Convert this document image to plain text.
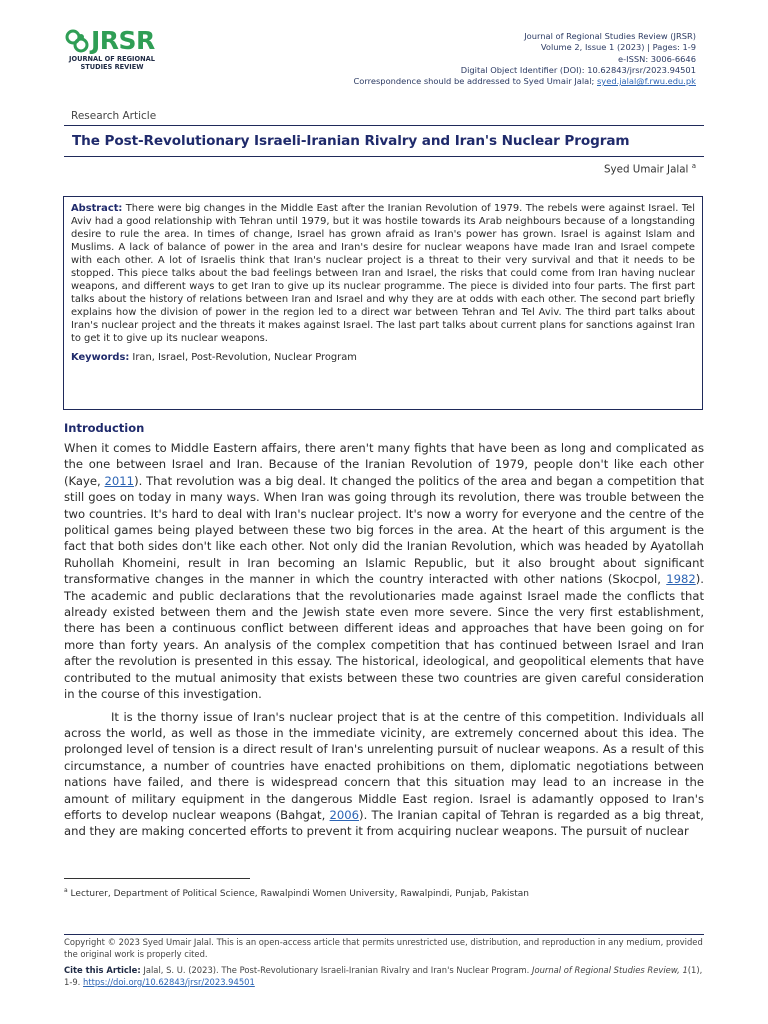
JRSR
JOURNAL OF REGIONAL
STUDIES REVIEW
Journal of Regional Studies Review (JRSR)
Volume 2, Issue 1 (2023) | Pages: 1-9
e-ISSN: 3006-6646
Digital Object Identifier (DOI): 10.62843/jrsr/2023.94501
Correspondence should be addressed to Syed Umair Jalal; syed.jalal@f.rwu.edu.pk
Research Article
The Post-Revolutionary Israeli-Iranian Rivalry and Iran's Nuclear Program
Syed Umair Jalal $^a$
Abstract: There were big changes in the Middle East after the Iranian Revolution of 1979. The rebels were against Israel. Tel Aviv had a good relationship with Tehran until 1979, but it was hostile towards its Arab neighbours because of a longstanding desire to rule the area. In times of change, Israel has grown afraid as Iran's power has grown. Israel is against Islam and Muslims. A lack of balance of power in the area and Iran's desire for nuclear weapons have made Iran and Israel compete with each other. A lot of Israelis think that Iran's nuclear project is a threat to their very survival and that it needs to be stopped. This piece talks about the bad feelings between Iran and Israel, the risks that could come from Iran having nuclear weapons, and different ways to get Iran to give up its nuclear programme. The piece is divided into four parts. The first part talks about the history of relations between Iran and Israel and why they are at odds with each other. The second part briefly explains how the division of power in the region led to a direct war between Tehran and Tel Aviv. The third part talks about Iran's nuclear project and the threats it makes against Israel. The last part talks about current plans for sanctions against Iran to get it to give up its nuclear weapons.
Keywords: Iran, Israel, Post-Revolution, Nuclear Program
Introduction

When it comes to Middle Eastern affairs, there aren't many fights that have been as long and complicated as the one between Israel and Iran. Because of the Iranian Revolution of 1979, people don't like each other (Kaye, 2011). That revolution was a big deal. It changed the politics of the area and began a competition that still goes on today in many ways. When Iran was going through its revolution, there was trouble between the two countries. It's hard to deal with Iran's nuclear project. It's now a worry for everyone and the centre of the political games being played between these two big forces in the area. At the heart of this argument is the fact that both sides don't like each other. Not only did the Iranian Revolution, which was headed by Ayatollah Ruhollah Khomeini, result in Iran becoming an Islamic Republic, but it also brought about significant transformative changes in the manner in which the country interacted with other nations (Skocpol, 1982). The academic and public declarations that the revolutionaries made against Israel made the conflicts that already existed between them and the Jewish state even more severe. Since the very first establishment, there has been a continuous conflict between different ideas and approaches that have been going on for more than forty years. An analysis of the complex competition that has continued between Israel and Iran after the revolution is presented in this essay. The historical, ideological, and geopolitical elements that have contributed to the mutual animosity that exists between these two countries are given careful consideration in the course of this investigation.

It is the thorny issue of Iran's nuclear project that is at the centre of this competition. Individuals all across the world, as well as those in the immediate vicinity, are extremely concerned about this idea. The prolonged level of tension is a direct result of Iran's unrelenting pursuit of nuclear weapons. As a result of this circumstance, a number of countries have enacted prohibitions on them, diplomatic negotiations between nations have failed, and there is widespread concern that this situation may lead to an increase in the amount of military equipment in the dangerous Middle East region. Israel is adamantly opposed to Iran's efforts to develop nuclear weapons (Bahgat, 2006). The Iranian capital of Tehran is regarded as a big threat, and they are making concerted efforts to prevent it from acquiring nuclear weapons. The pursuit of nuclear

$^a$ Lecturer, Department of Political Science, Rawalpindi Women University, Rawalpindi, Punjab, Pakistan
Copyright © 2023 Syed Umair Jalal. This is an open-access article that permits unrestricted use, distribution, and reproduction in any medium, provided the original work is properly cited.
Cite this Article: Jalal, S. U. (2023). The Post-Revolutionary Israeli-Iranian Rivalry and Iran's Nuclear Program. Journal of Regional Studies Review, 1(1), 1-9. https://doi.org/10.62843/jrsr/2023.94501
